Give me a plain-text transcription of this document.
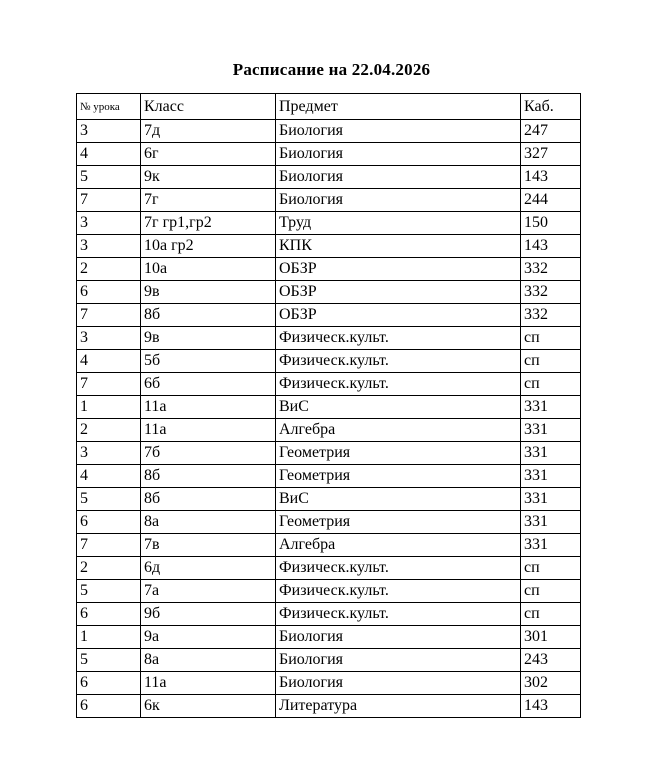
Расписание на 22.04.2026
№ урока	Класс	Предмет	Каб.
3	7д	Биология	247
4	6г	Биология	327
5	9к	Биология	143
7	7г	Биология	244
3	7г гр1,гр2	Труд	150
3	10а гр2	КПК	143
2	10а	ОБЗР	332
6	9в	ОБЗР	332
7	8б	ОБЗР	332
3	9в	Физическ.культ.	сп
4	5б	Физическ.культ.	сп
7	6б	Физическ.культ.	сп
1	11а	ВиС	331
2	11а	Алгебра	331
3	7б	Геометрия	331
4	8б	Геометрия	331
5	8б	ВиС	331
6	8а	Геометрия	331
7	7в	Алгебра	331
2	6д	Физическ.культ.	сп
5	7а	Физическ.культ.	сп
6	9б	Физическ.культ.	сп
1	9а	Биология	301
5	8а	Биология	243
6	11а	Биология	302
6	6к	Литература	143
